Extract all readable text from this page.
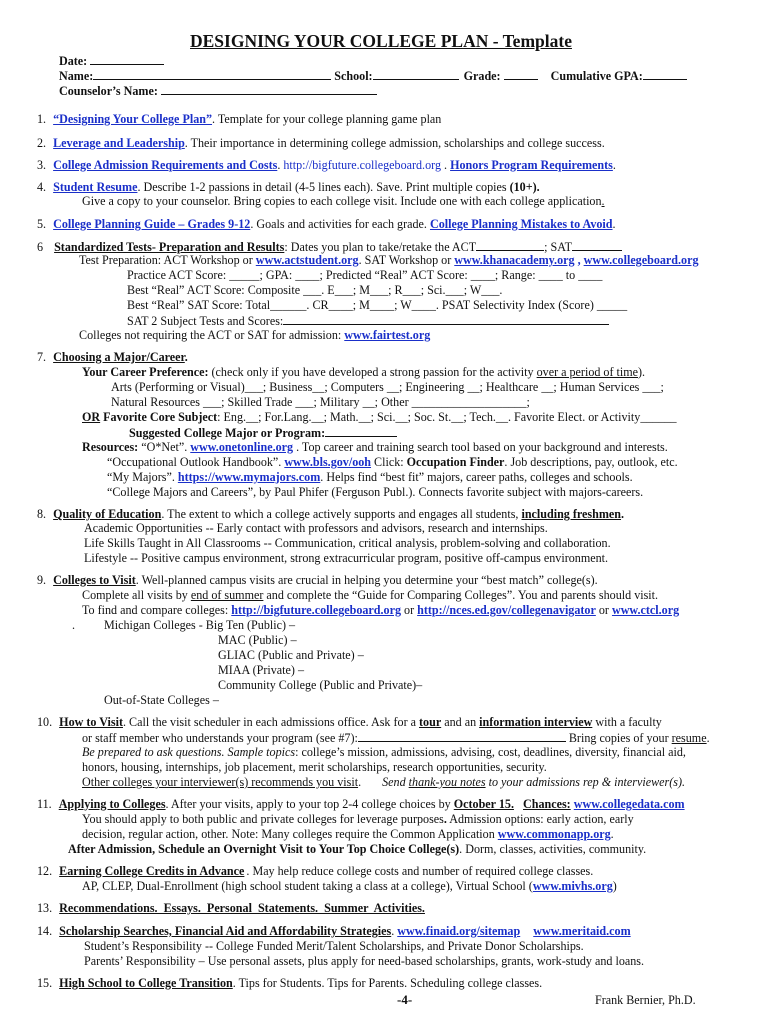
DESIGNING YOUR COLLEGE PLAN - Template
Date:
Name:	School:	Grade:	Cumulative GPA:
Counselor’s Name:
1. “Designing Your College Plan”. Template for your college planning game plan
2. Leverage and Leadership. Their importance in determining college admission, scholarships and college success.
3. College Admission Requirements and Costs. http://bigfuture.collegeboard.org . Honors Program Requirements.
4. Student Resume. Describe 1-2 passions in detail (4-5 lines each). Save. Print multiple copies (10+).
Give a copy to your counselor. Bring copies to each college visit. Include one with each college application.
5. College Planning Guide – Grades 9-12. Goals and activities for each grade. College Planning Mistakes to Avoid.
6 Standardized Tests- Preparation and Results: Dates you plan to take/retake the ACT	; SAT
Test Preparation: ACT Workshop or www.actstudent.org. SAT Workshop or www.khanacademy.org , www.collegeboard.org
Practice ACT Score: _____; GPA: ____; Predicted “Real” ACT Score: ____; Range: ____ to ____
Best “Real” ACT Score: Composite ___. E___; M___; R___; Sci.___; W___.
Best “Real” SAT Score: Total______. CR____; M____; W____. PSAT Selectivity Index (Score) _____
SAT 2 Subject Tests and Scores:
Colleges not requiring the ACT or SAT for admission: www.fairtest.org
7. Choosing a Major/Career.
Your Career Preference: (check only if you have developed a strong passion for the activity over a period of time).
Arts (Performing or Visual)___; Business__; Computers __; Engineering __; Healthcare __; Human Services ___;
Natural Resources ___; Skilled Trade ___; Military __; Other ___________________;
OR Favorite Core Subject: Eng.__; For.Lang.__; Math.__; Sci.__; Soc. St.__; Tech.__. Favorite Elect. or Activity______
Suggested College Major or Program:
Resources: “O*Net”. www.onetonline.org . Top career and training search tool based on your background and interests.
“Occupational Outlook Handbook”. www.bls.gov/ooh Click: Occupation Finder. Job descriptions, pay, outlook, etc.
“My Majors”. https://www.mymajors.com. Helps find “best fit” majors, career paths, colleges and schools.
“College Majors and Careers”, by Paul Phifer (Ferguson Publ.). Connects favorite subject with majors-careers.
8. Quality of Education. The extent to which a college actively supports and engages all students, including freshmen.
Academic Opportunities -- Early contact with professors and advisors, research and internships.
Life Skills Taught in All Classrooms -- Communication, critical analysis, problem-solving and collaboration.
Lifestyle -- Positive campus environment, strong extracurricular program, positive off-campus environment.
9. Colleges to Visit. Well-planned campus visits are crucial in helping you determine your “best match” college(s).
Complete all visits by end of summer and complete the “Guide for Comparing Colleges”. You and parents should visit.
To find and compare colleges: http://bigfuture.collegeboard.org or http://nces.ed.gov/collegenavigator or www.ctcl.org
. Michigan Colleges - Big Ten (Public) –
MAC (Public) –
GLIAC (Public and Private) –
MIAA (Private) –
Community College (Public and Private)–
Out-of-State Colleges –
10. How to Visit. Call the visit scheduler in each admissions office. Ask for a tour and an information interview with a faculty
or staff member who understands your program (see #7):	Bring copies of your resume.
Be prepared to ask questions. Sample topics: college’s mission, admissions, advising, cost, deadlines, diversity, financial aid,
honors, housing, internships, job placement, merit scholarships, research opportunities, security.
Other colleges your interviewer(s) recommends you visit. Send thank-you notes to your admissions rep & interviewer(s).
11. Applying to Colleges. After your visits, apply to your top 2-4 college choices by October 15. Chances: www.collegedata.com
You should apply to both public and private colleges for leverage purposes. Admission options: early action, early
decision, regular action, other. Note: Many colleges require the Common Application www.commonapp.org.
After Admission, Schedule an Overnight Visit to Your Top Choice College(s). Dorm, classes, activities, community.
12. Earning College Credits in Advance . May help reduce college costs and number of required college classes.
AP, CLEP, Dual-Enrollment (high school student taking a class at a college), Virtual School (www.mivhs.org)
13. Recommendations. Essays. Personal Statements. Summer Activities.
14. Scholarship Searches, Financial Aid and Affordability Strategies. www.finaid.org/sitemap www.meritaid.com
Student’s Responsibility -- College Funded Merit/Talent Scholarships, and Private Donor Scholarships.
Parents’ Responsibility – Use personal assets, plus apply for need-based scholarships, grants, work-study and loans.
15. High School to College Transition. Tips for Students. Tips for Parents. Scheduling college classes.
-4-	Frank Bernier, Ph.D.
